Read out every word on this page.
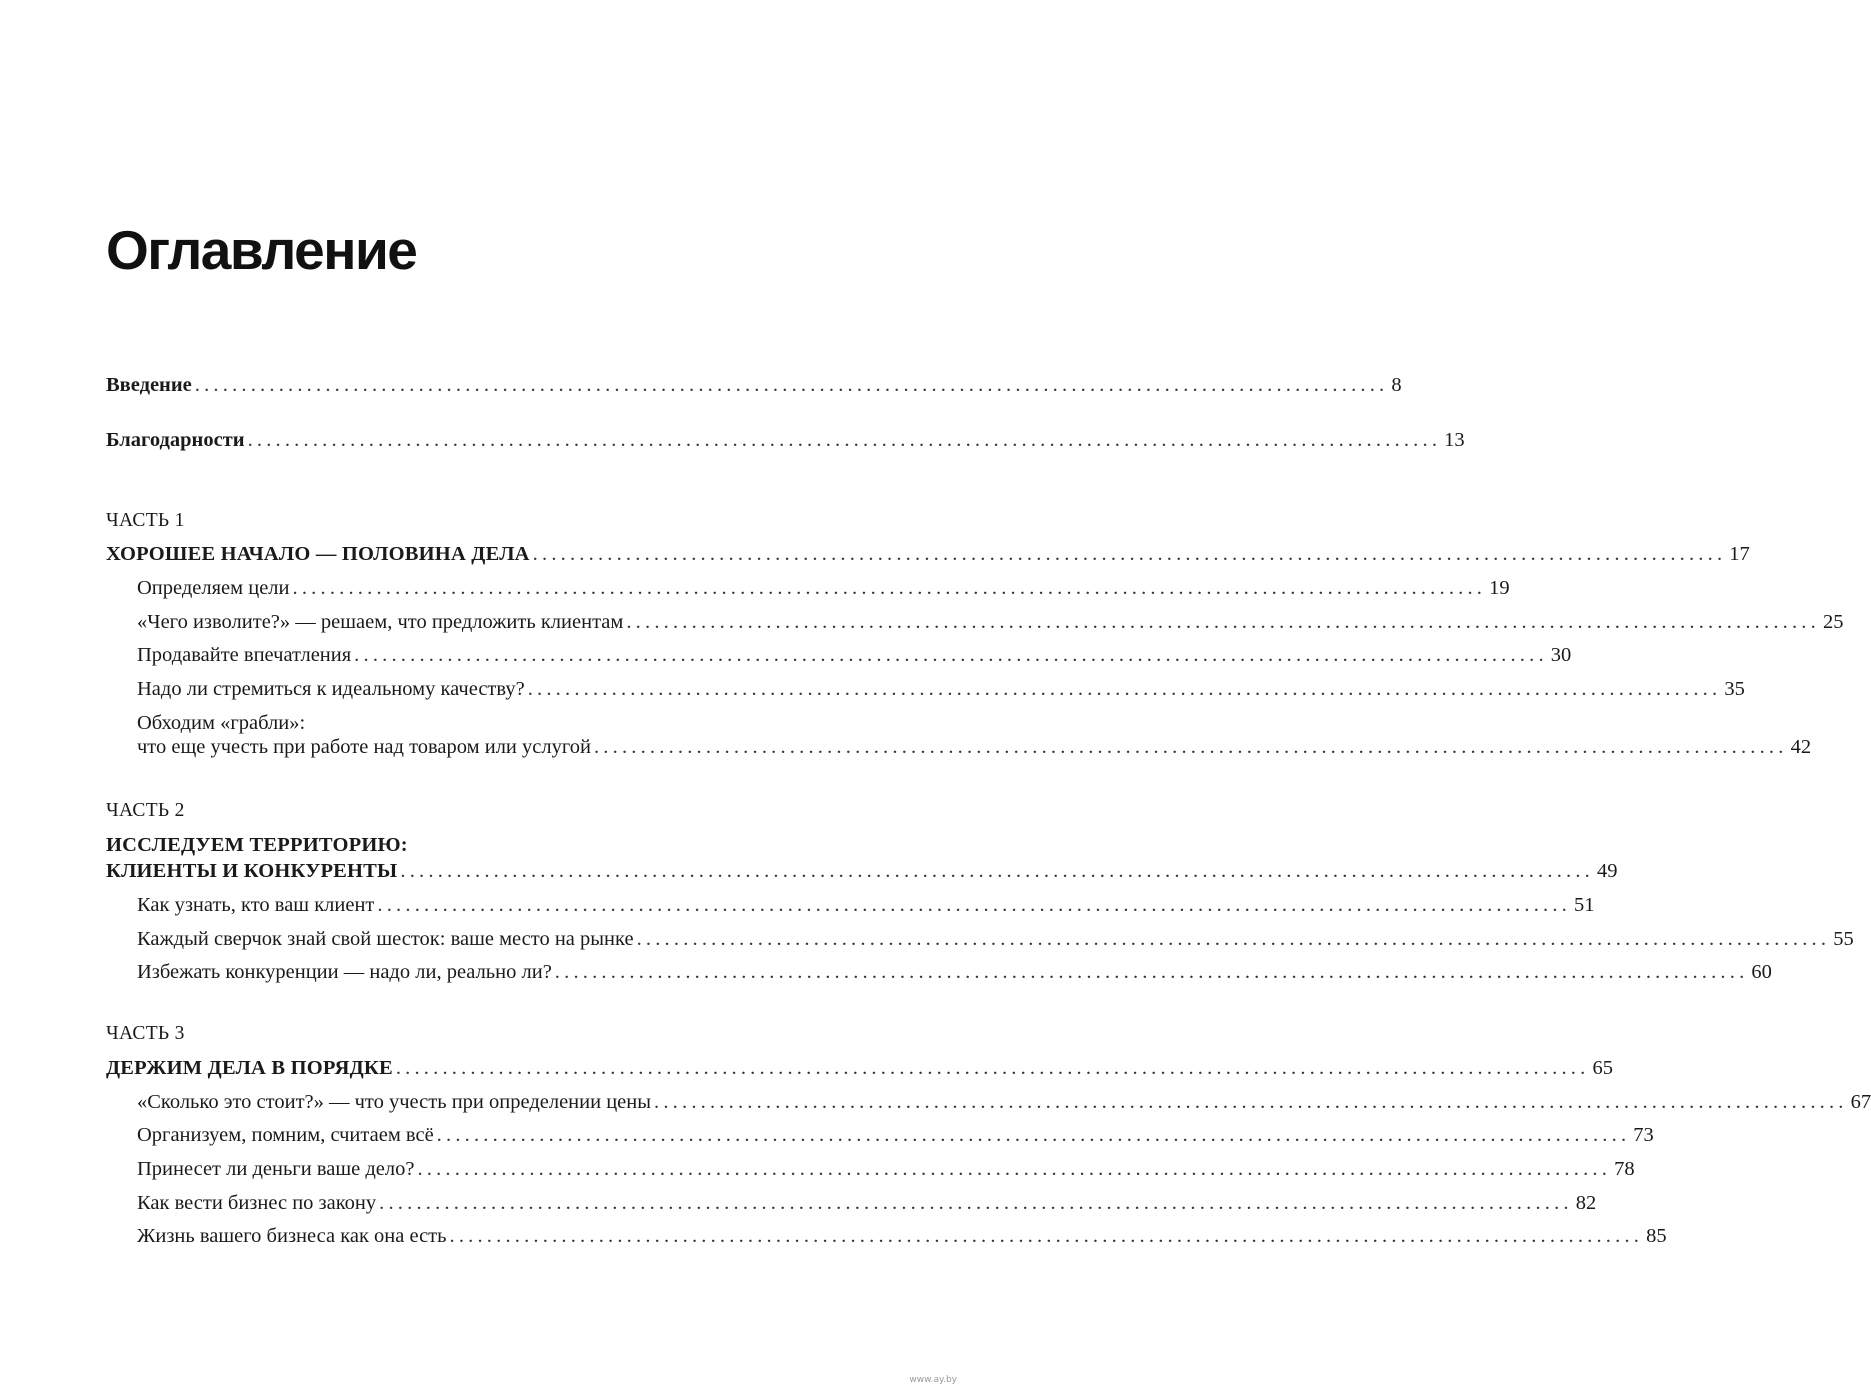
Оглавление
Введение ................................................................................................................................ 8
Благодарности ................................................................................................................................ 13
ЧАСТЬ 1
ХОРОШЕЕ НАЧАЛО — ПОЛОВИНА ДЕЛА ................................................................................................................................ 17
Определяем цели ................................................................................................................................ 19
«Чего изволите?» — решаем, что предложить клиентам ................................................................................................................................ 25
Продавайте впечатления ................................................................................................................................ 30
Надо ли стремиться к идеальному качеству? ................................................................................................................................ 35
Обходим «грабли»:
что еще учесть при работе над товаром или услугой ................................................................................................................................ 42
ЧАСТЬ 2
ИССЛЕДУЕМ ТЕРРИТОРИЮ:
КЛИЕНТЫ И КОНКУРЕНТЫ ................................................................................................................................ 49
Как узнать, кто ваш клиент ................................................................................................................................ 51
Каждый сверчок знай свой шесток: ваше место на рынке ................................................................................................................................ 55
Избежать конкуренции — надо ли, реально ли? ................................................................................................................................ 60
ЧАСТЬ 3
ДЕРЖИМ ДЕЛА В ПОРЯДКЕ ................................................................................................................................ 65
«Сколько это стоит?» — что учесть при определении цены ................................................................................................................................ 67
Организуем, помним, считаем всё ................................................................................................................................ 73
Принесет ли деньги ваше дело? ................................................................................................................................ 78
Как вести бизнес по закону ................................................................................................................................ 82
Жизнь вашего бизнеса как она есть ................................................................................................................................ 85
www.ay.by
